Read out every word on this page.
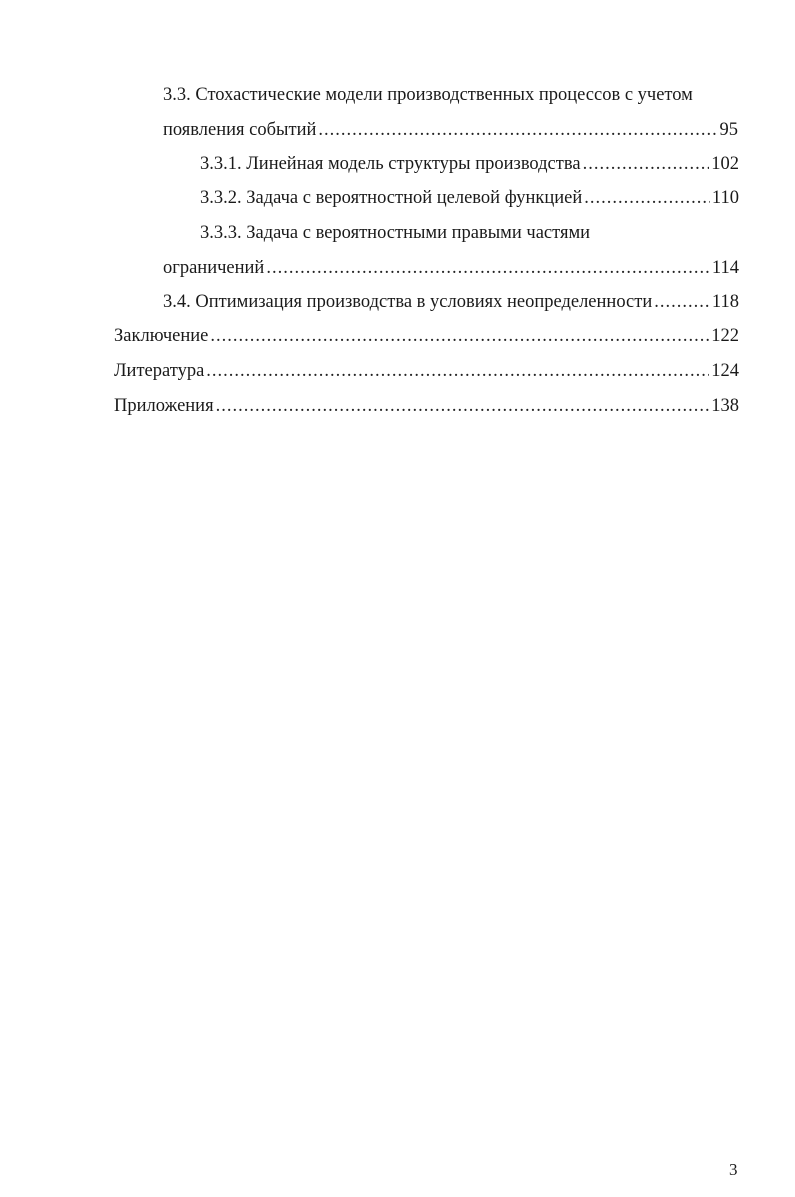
3.3. Стохастические модели производственных процессов с учетом
появления событий .....	95
3.3.1. Линейная модель структуры производства .....	102
3.3.2. Задача с вероятностной целевой функцией .....	110
3.3.3. Задача с вероятностными правыми частями
ограничений .....	114
3.4. Оптимизация производства в условиях неопределенности .....	118
Заключение .....	122
Литература .....	124
Приложения .....	138
3
